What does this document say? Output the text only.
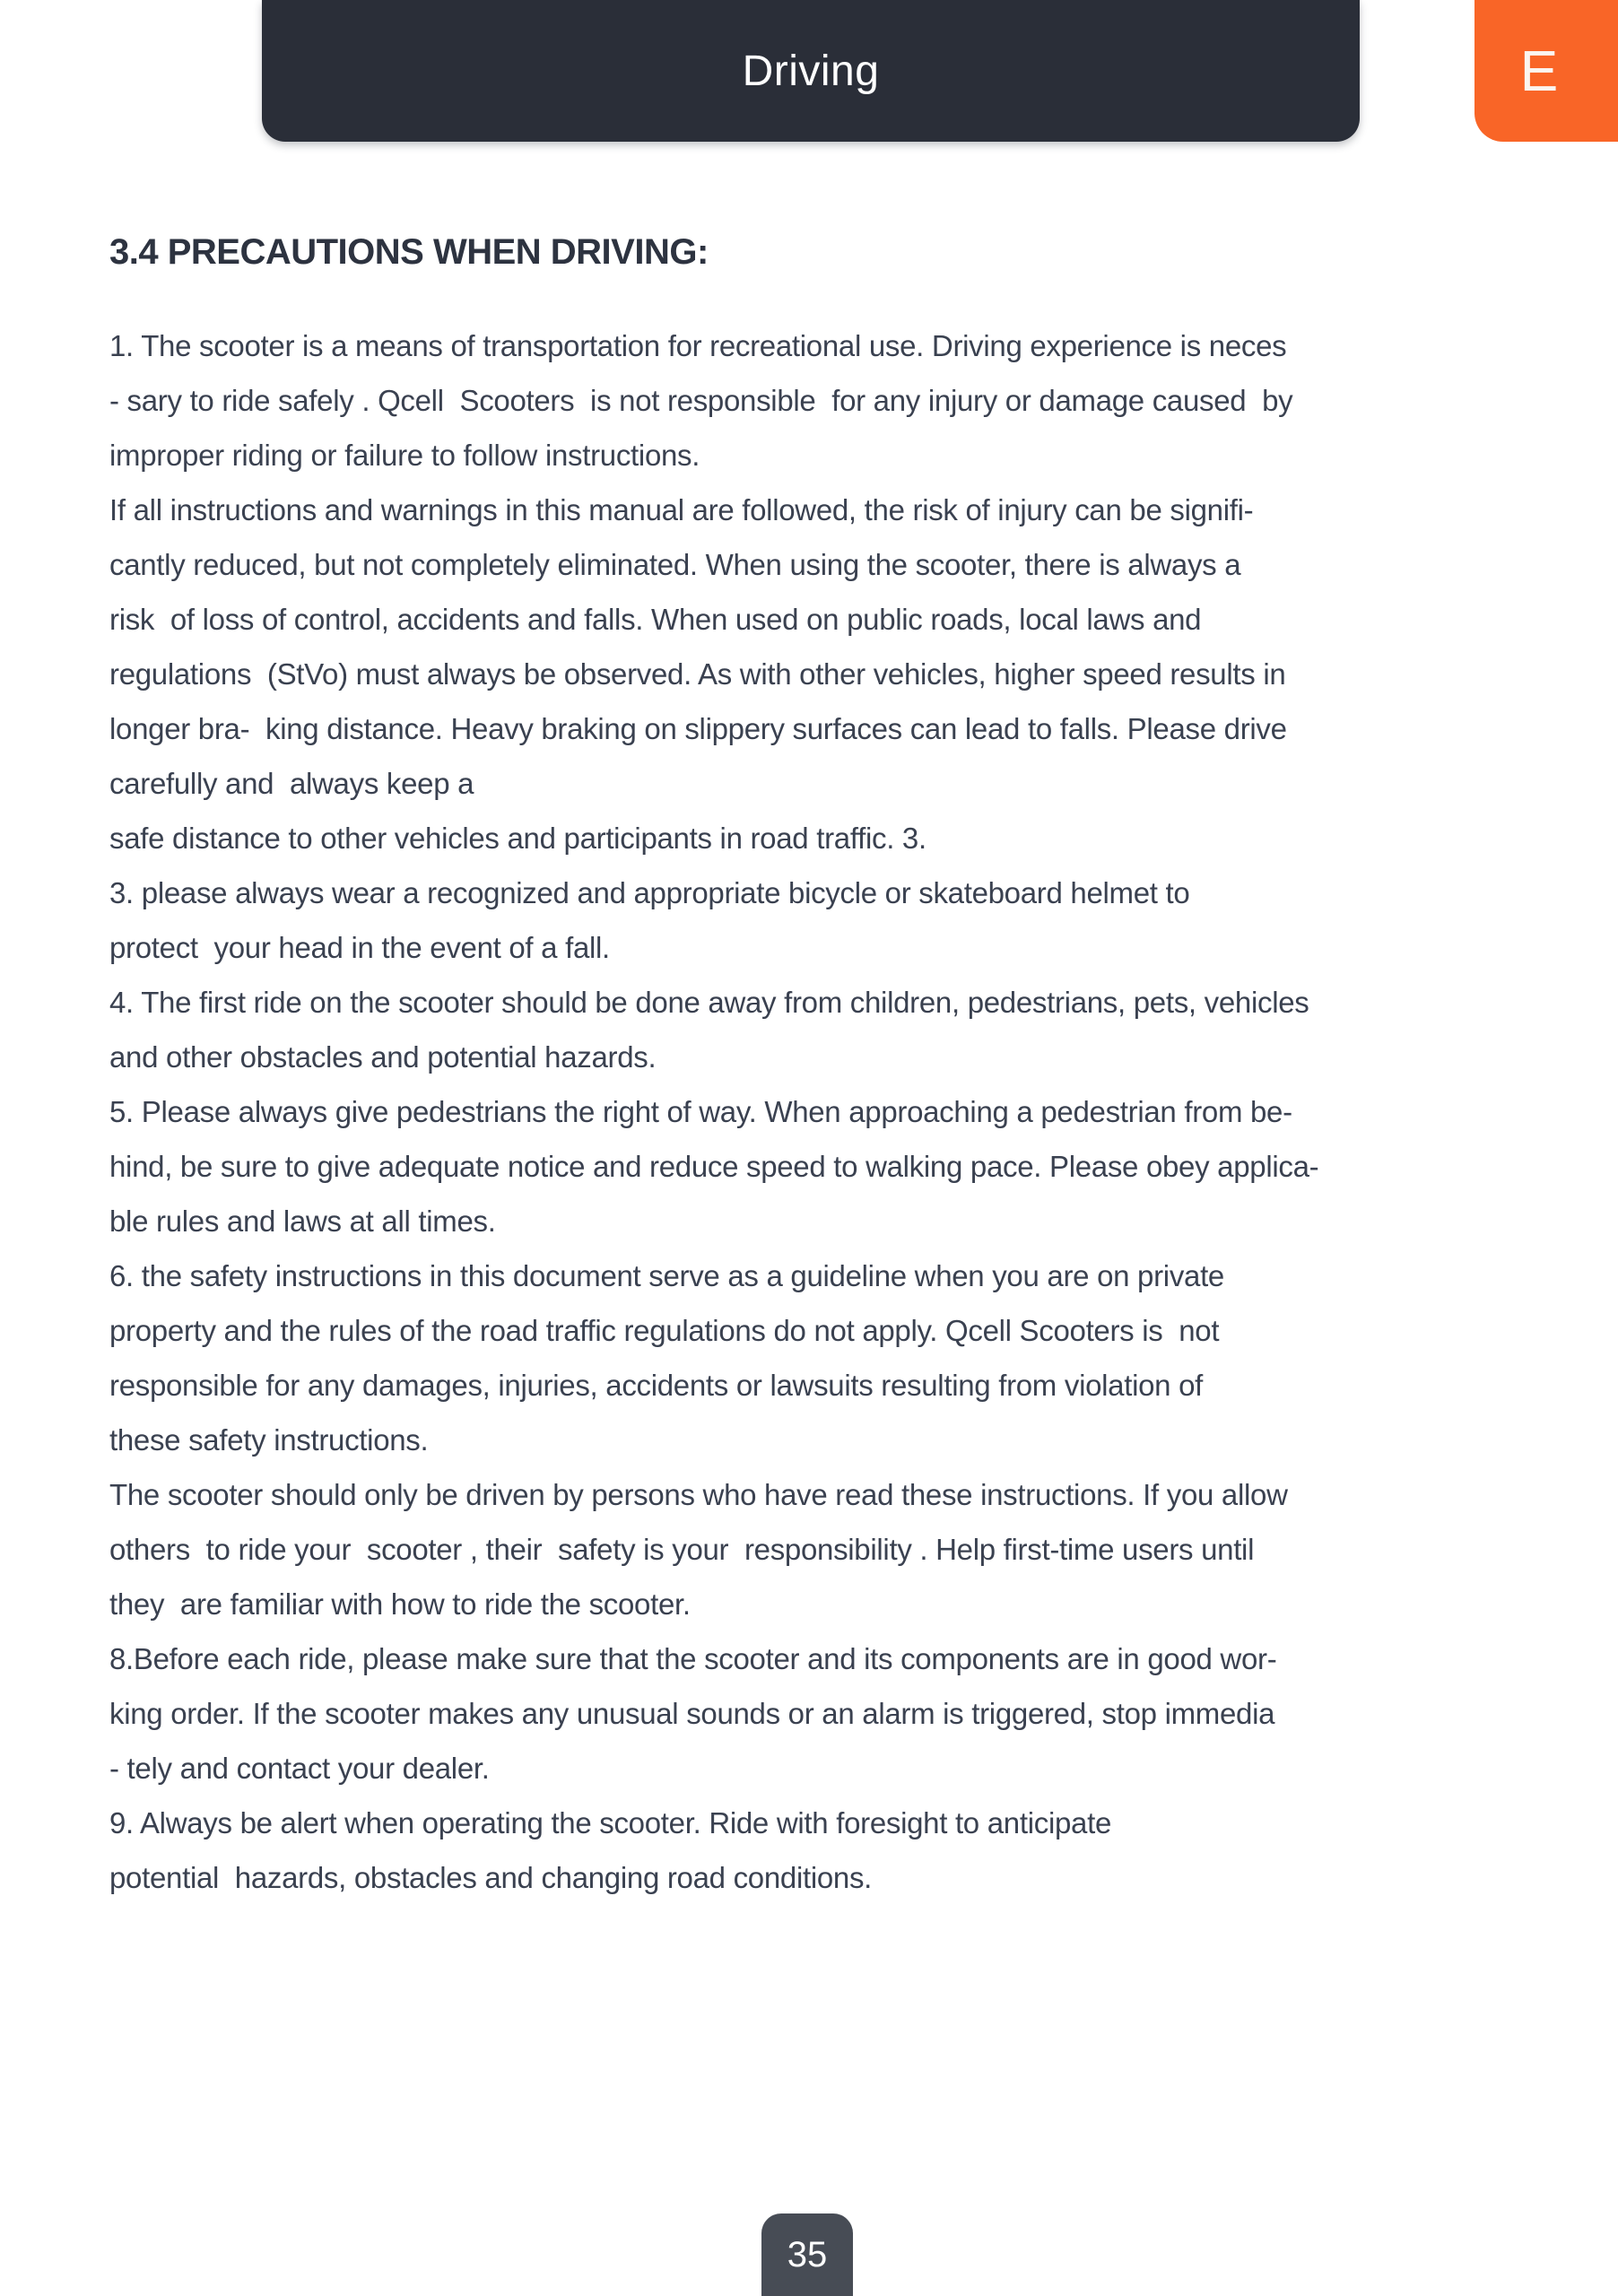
Driving	E
3.4 PRECAUTIONS WHEN DRIVING:
1. The scooter is a means of transportation for recreational use. Driving experience is neces
- sary to ride safely . Qcell  Scooters  is not responsible  for any injury or damage caused  by
improper riding or failure to follow instructions.
If all instructions and warnings in this manual are followed, the risk of injury can be signifi-
cantly reduced, but not completely eliminated. When using the scooter, there is always a
risk  of loss of control, accidents and falls. When used on public roads, local laws and
regulations  (StVo) must always be observed. As with other vehicles, higher speed results in
longer bra-  king distance. Heavy braking on slippery surfaces can lead to falls. Please drive
carefully and  always keep a
safe distance to other vehicles and participants in road traffic. 3.
3. please always wear a recognized and appropriate bicycle or skateboard helmet to
protect  your head in the event of a fall.
4. The first ride on the scooter should be done away from children, pedestrians, pets, vehicles
and other obstacles and potential hazards.
5. Please always give pedestrians the right of way. When approaching a pedestrian from be-
hind, be sure to give adequate notice and reduce speed to walking pace. Please obey applica-
ble rules and laws at all times.
6. the safety instructions in this document serve as a guideline when you are on private
property and the rules of the road traffic regulations do not apply. Qcell Scooters is  not
responsible for any damages, injuries, accidents or lawsuits resulting from violation of
these safety instructions.
The scooter should only be driven by persons who have read these instructions. If you allow
others  to ride your  scooter , their  safety is your  responsibility . Help first-time users until
they  are familiar with how to ride the scooter.
8.Before each ride, please make sure that the scooter and its components are in good wor-
king order. If the scooter makes any unusual sounds or an alarm is triggered, stop immedia
- tely and contact your dealer.
9. Always be alert when operating the scooter. Ride with foresight to anticipate
potential  hazards, obstacles and changing road conditions.
35
